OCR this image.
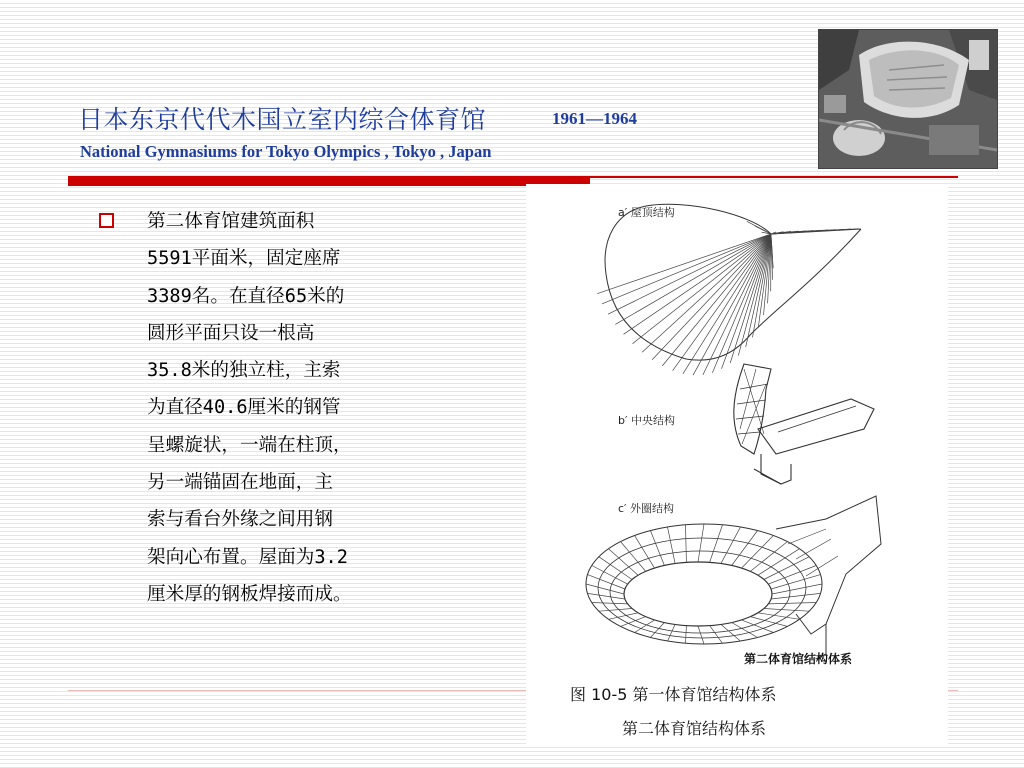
日本东京代代木国立室内综合体育馆	1961—1964
National Gymnasiums for Tokyo Olympics , Tokyo , Japan

第二体育馆建筑面积
5591平面米，固定座席
3389名。在直径65米的
圆形平面只设一根高
35.8米的独立柱，主索
为直径40.6厘米的钢管
呈螺旋状，一端在柱顶，
另一端锚固在地面，主
索与看台外缘之间用钢
架向心布置。屋面为3.2
厘米厚的钢板焊接而成。

a′ 屋顶结构
b′ 中央结构
c′ 外圈结构
第二体育馆结构体系
图 10-5 第一体育馆结构体系
第二体育馆结构体系
